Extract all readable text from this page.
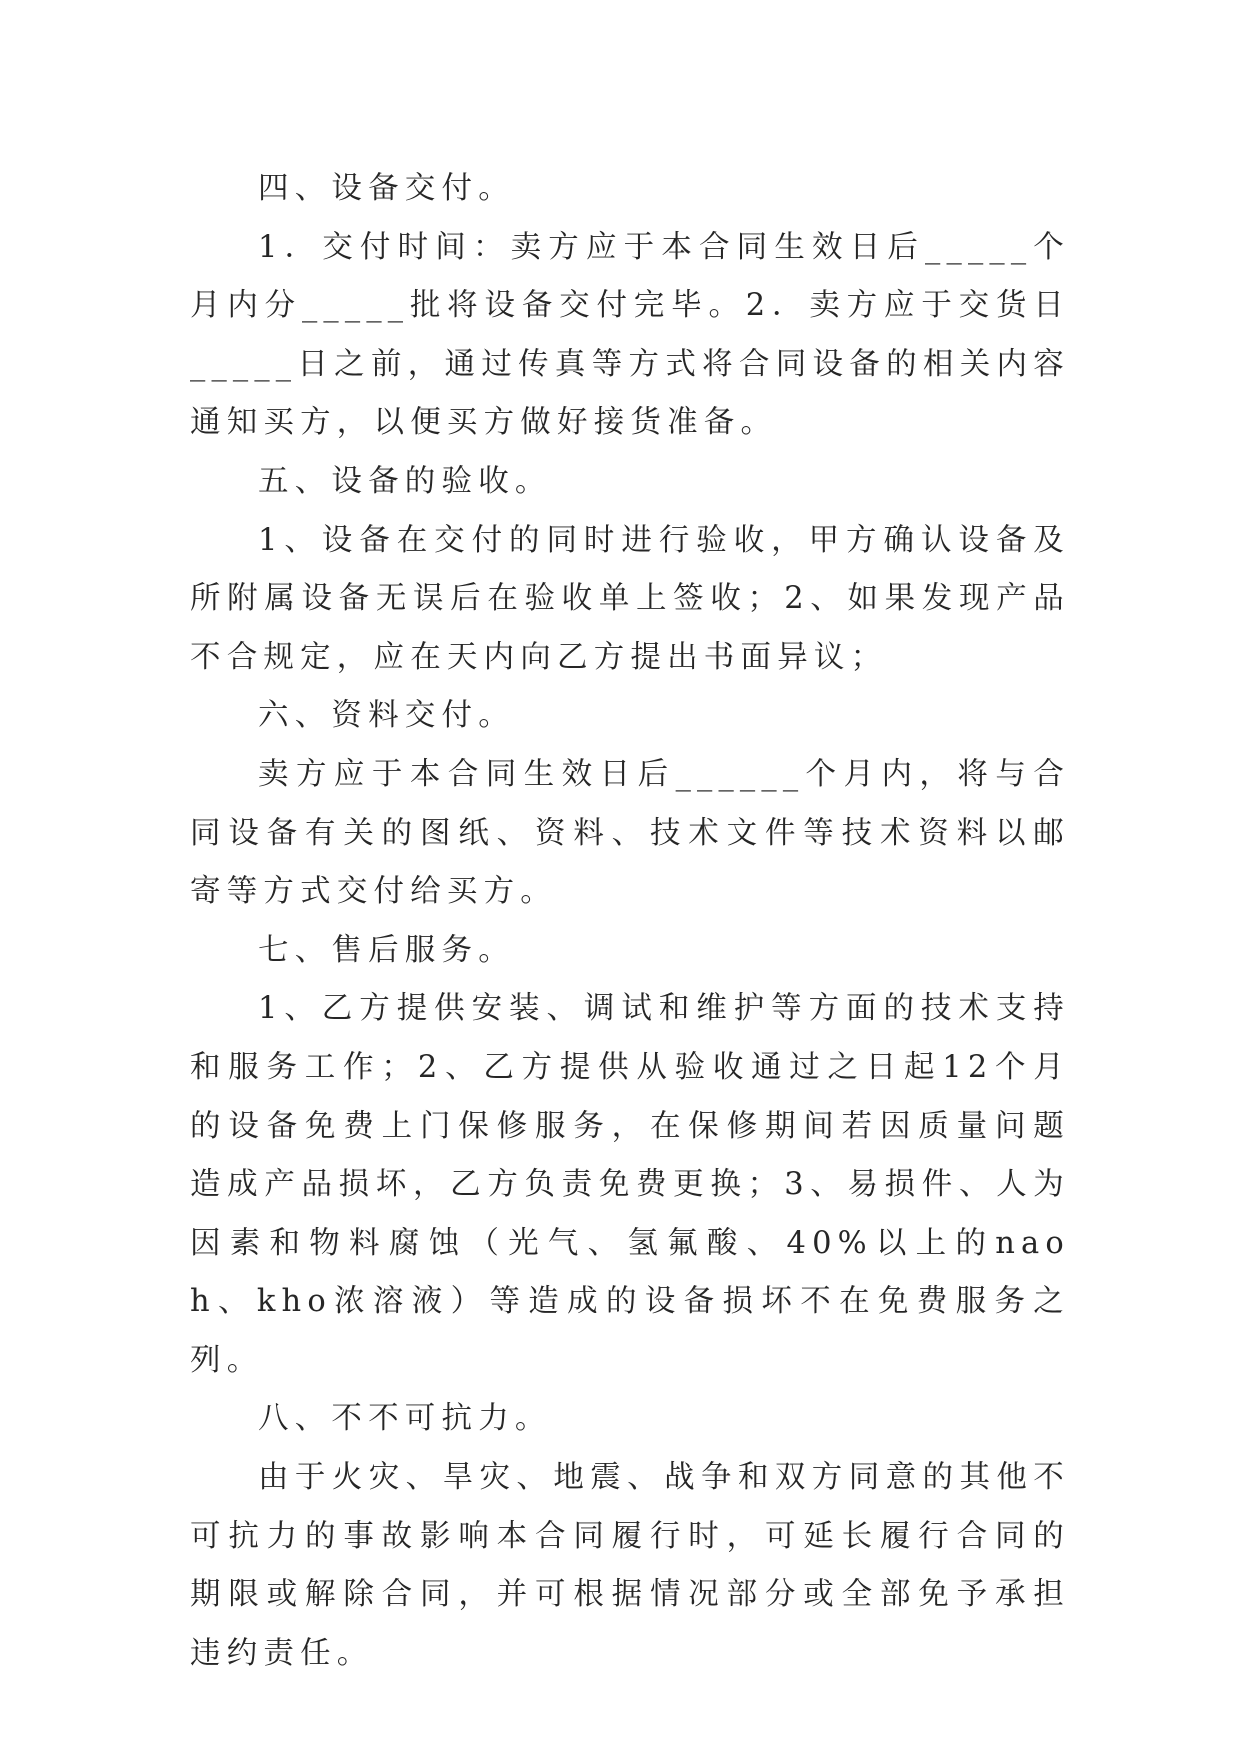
四、设备交付。

1．交付时间：卖方应于本合同生效日后_____个月内分_____批将设备交付完毕。2．卖方应于交货日_____日之前，通过传真等方式将合同设备的相关内容通知买方，以便买方做好接货准备。

五、设备的验收。

1、设备在交付的同时进行验收，甲方确认设备及所附属设备无误后在验收单上签收；2、如果发现产品不合规定，应在天内向乙方提出书面异议；

六、资料交付。

卖方应于本合同生效日后______个月内，将与合同设备有关的图纸、资料、技术文件等技术资料以邮寄等方式交付给买方。

七、售后服务。

1、乙方提供安装、调试和维护等方面的技术支持和服务工作；2、乙方提供从验收通过之日起12个月的设备免费上门保修服务，在保修期间若因质量问题造成产品损坏，乙方负责免费更换；3、易损件、人为因素和物料腐蚀（光气、氢氟酸、40%以上的naoh、kho浓溶液）等造成的设备损坏不在免费服务之列。

八、不不可抗力。

由于火灾、旱灾、地震、战争和双方同意的其他不可抗力的事故影响本合同履行时，可延长履行合同的期限或解除合同，并可根据情况部分或全部免予承担违约责任。
